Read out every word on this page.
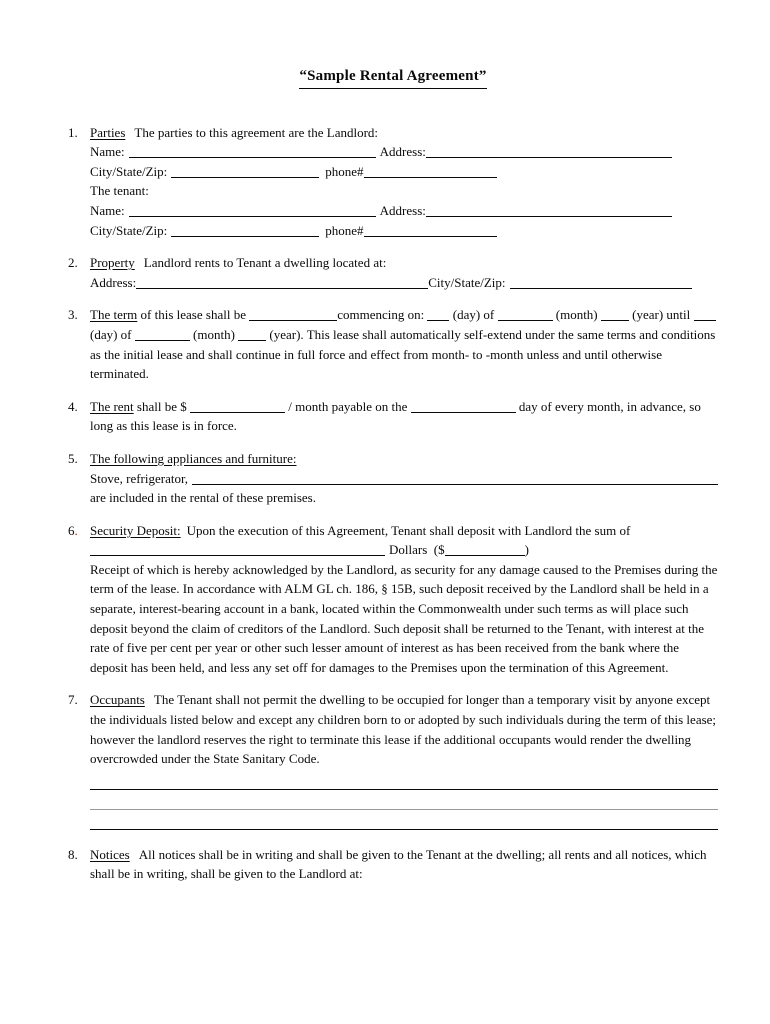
“Sample Rental Agreement”
1. Parties The parties to this agreement are the Landlord:
Name:	Address:
City/State/Zip:	phone#
The tenant:
Name:	Address:
City/State/Zip:	phone#
2. Property Landlord rents to Tenant a dwelling located at:
Address:	City/State/Zip:
3. The term of this lease shall be	commencing on:  (day) of	(month)  (year) until  (day) of	(month)  (year). This lease shall automatically self-extend under the same terms and conditions as the initial lease and shall continue in full force and effect from month- to -month unless and until otherwise terminated.
4. The rent shall be $	/ month payable on the	day of every month, in advance, so long as this lease is in force.
5. The following appliances and furniture:
Stove, refrigerator,
are included in the rental of these premises.
6. Security Deposit: Upon the execution of this Agreement, Tenant shall deposit with Landlord the sum of
Dollars  ($	)
Receipt of which is hereby acknowledged by the Landlord, as security for any damage caused to the Premises during the term of the lease. In accordance with ALM GL ch. 186, § 15B, such deposit received by the Landlord shall be held in a separate, interest-bearing account in a bank, located within the Commonwealth under such terms as will place such deposit beyond the claim of creditors of the Landlord. Such deposit shall be returned to the Tenant, with interest at the rate of five per cent per year or other such lesser amount of interest as has been received from the bank where the deposit has been held, and less any set off for damages to the Premises upon the termination of this Agreement.
7. Occupants The Tenant shall not permit the dwelling to be occupied for longer than a temporary visit by anyone except the individuals listed below and except any children born to or adopted by such individuals during the term of this lease; however the landlord reserves the right to terminate this lease if the additional occupants would render the dwelling overcrowded under the State Sanitary Code.
8. Notices All notices shall be in writing and shall be given to the Tenant at the dwelling; all rents and all notices, which shall be in writing, shall be given to the Landlord at:
